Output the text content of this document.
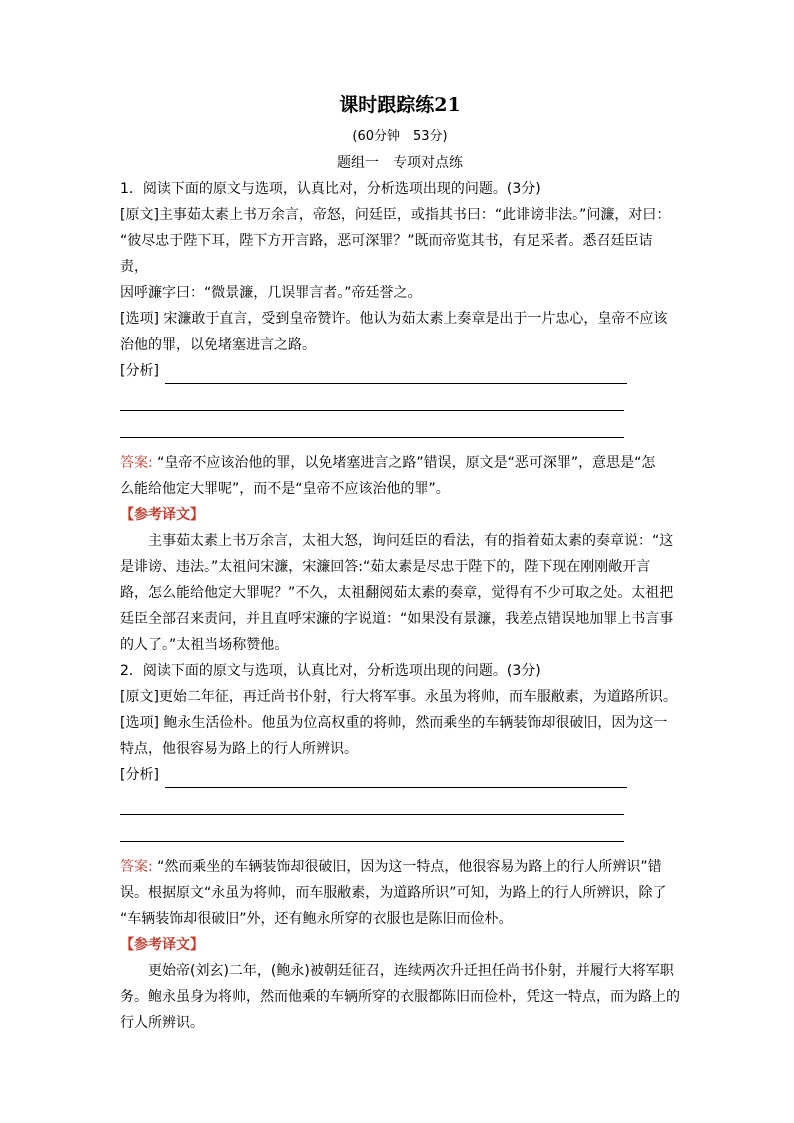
课时跟踪练21

(60分钟　53分)

题组一　专项对点练

1．阅读下面的原文与选项，认真比对，分析选项出现的问题。(3分)

[原文]主事茹太素上书万余言，帝怒，问廷臣，或指其书曰：“此诽谤非法。”问濂，对曰：

“彼尽忠于陛下耳，陛下方开言路，恶可深罪？”既而帝览其书，有足采者。悉召廷臣诘责，

因呼濂字曰：“微景濂，几误罪言者。”帝廷誉之。

[选项] 宋濂敢于直言，受到皇帝赞许。他认为茹太素上奏章是出于一片忠心，皇帝不应该

治他的罪，以免堵塞进言之路。

[分析]

答案: “皇帝不应该治他的罪，以免堵塞进言之路”错误，原文是“恶可深罪”，意思是“怎

么能给他定大罪呢”，而不是“皇帝不应该治他的罪”。

【参考译文】

主事茹太素上书万余言，太祖大怒，询问廷臣的看法，有的指着茹太素的奏章说：“这

是诽谤、违法。”太祖问宋濂，宋濂回答:“茹太素是尽忠于陛下的，陛下现在刚刚敞开言

路，怎么能给他定大罪呢？”不久，太祖翻阅茹太素的奏章，觉得有不少可取之处。太祖把

廷臣全部召来责问，并且直呼宋濂的字说道：“如果没有景濂，我差点错误地加罪上书言事

的人了。”太祖当场称赞他。

2．阅读下面的原文与选项，认真比对，分析选项出现的问题。(3分)

[原文]更始二年征，再迁尚书仆射，行大将军事。永虽为将帅，而车服敝素，为道路所识。

[选项] 鲍永生活俭朴。他虽为位高权重的将帅，然而乘坐的车辆装饰却很破旧，因为这一

特点，他很容易为路上的行人所辨识。

[分析]

答案: “然而乘坐的车辆装饰却很破旧，因为这一特点，他很容易为路上的行人所辨识”错

误。根据原文“永虽为将帅，而车服敝素，为道路所识”可知，为路上的行人所辨识，除了

“车辆装饰却很破旧”外，还有鲍永所穿的衣服也是陈旧而俭朴。

【参考译文】

更始帝(刘玄)二年，(鲍永)被朝廷征召，连续两次升迁担任尚书仆射，并履行大将军职

务。鲍永虽身为将帅，然而他乘的车辆所穿的衣服都陈旧而俭朴，凭这一特点，而为路上的

行人所辨识。
